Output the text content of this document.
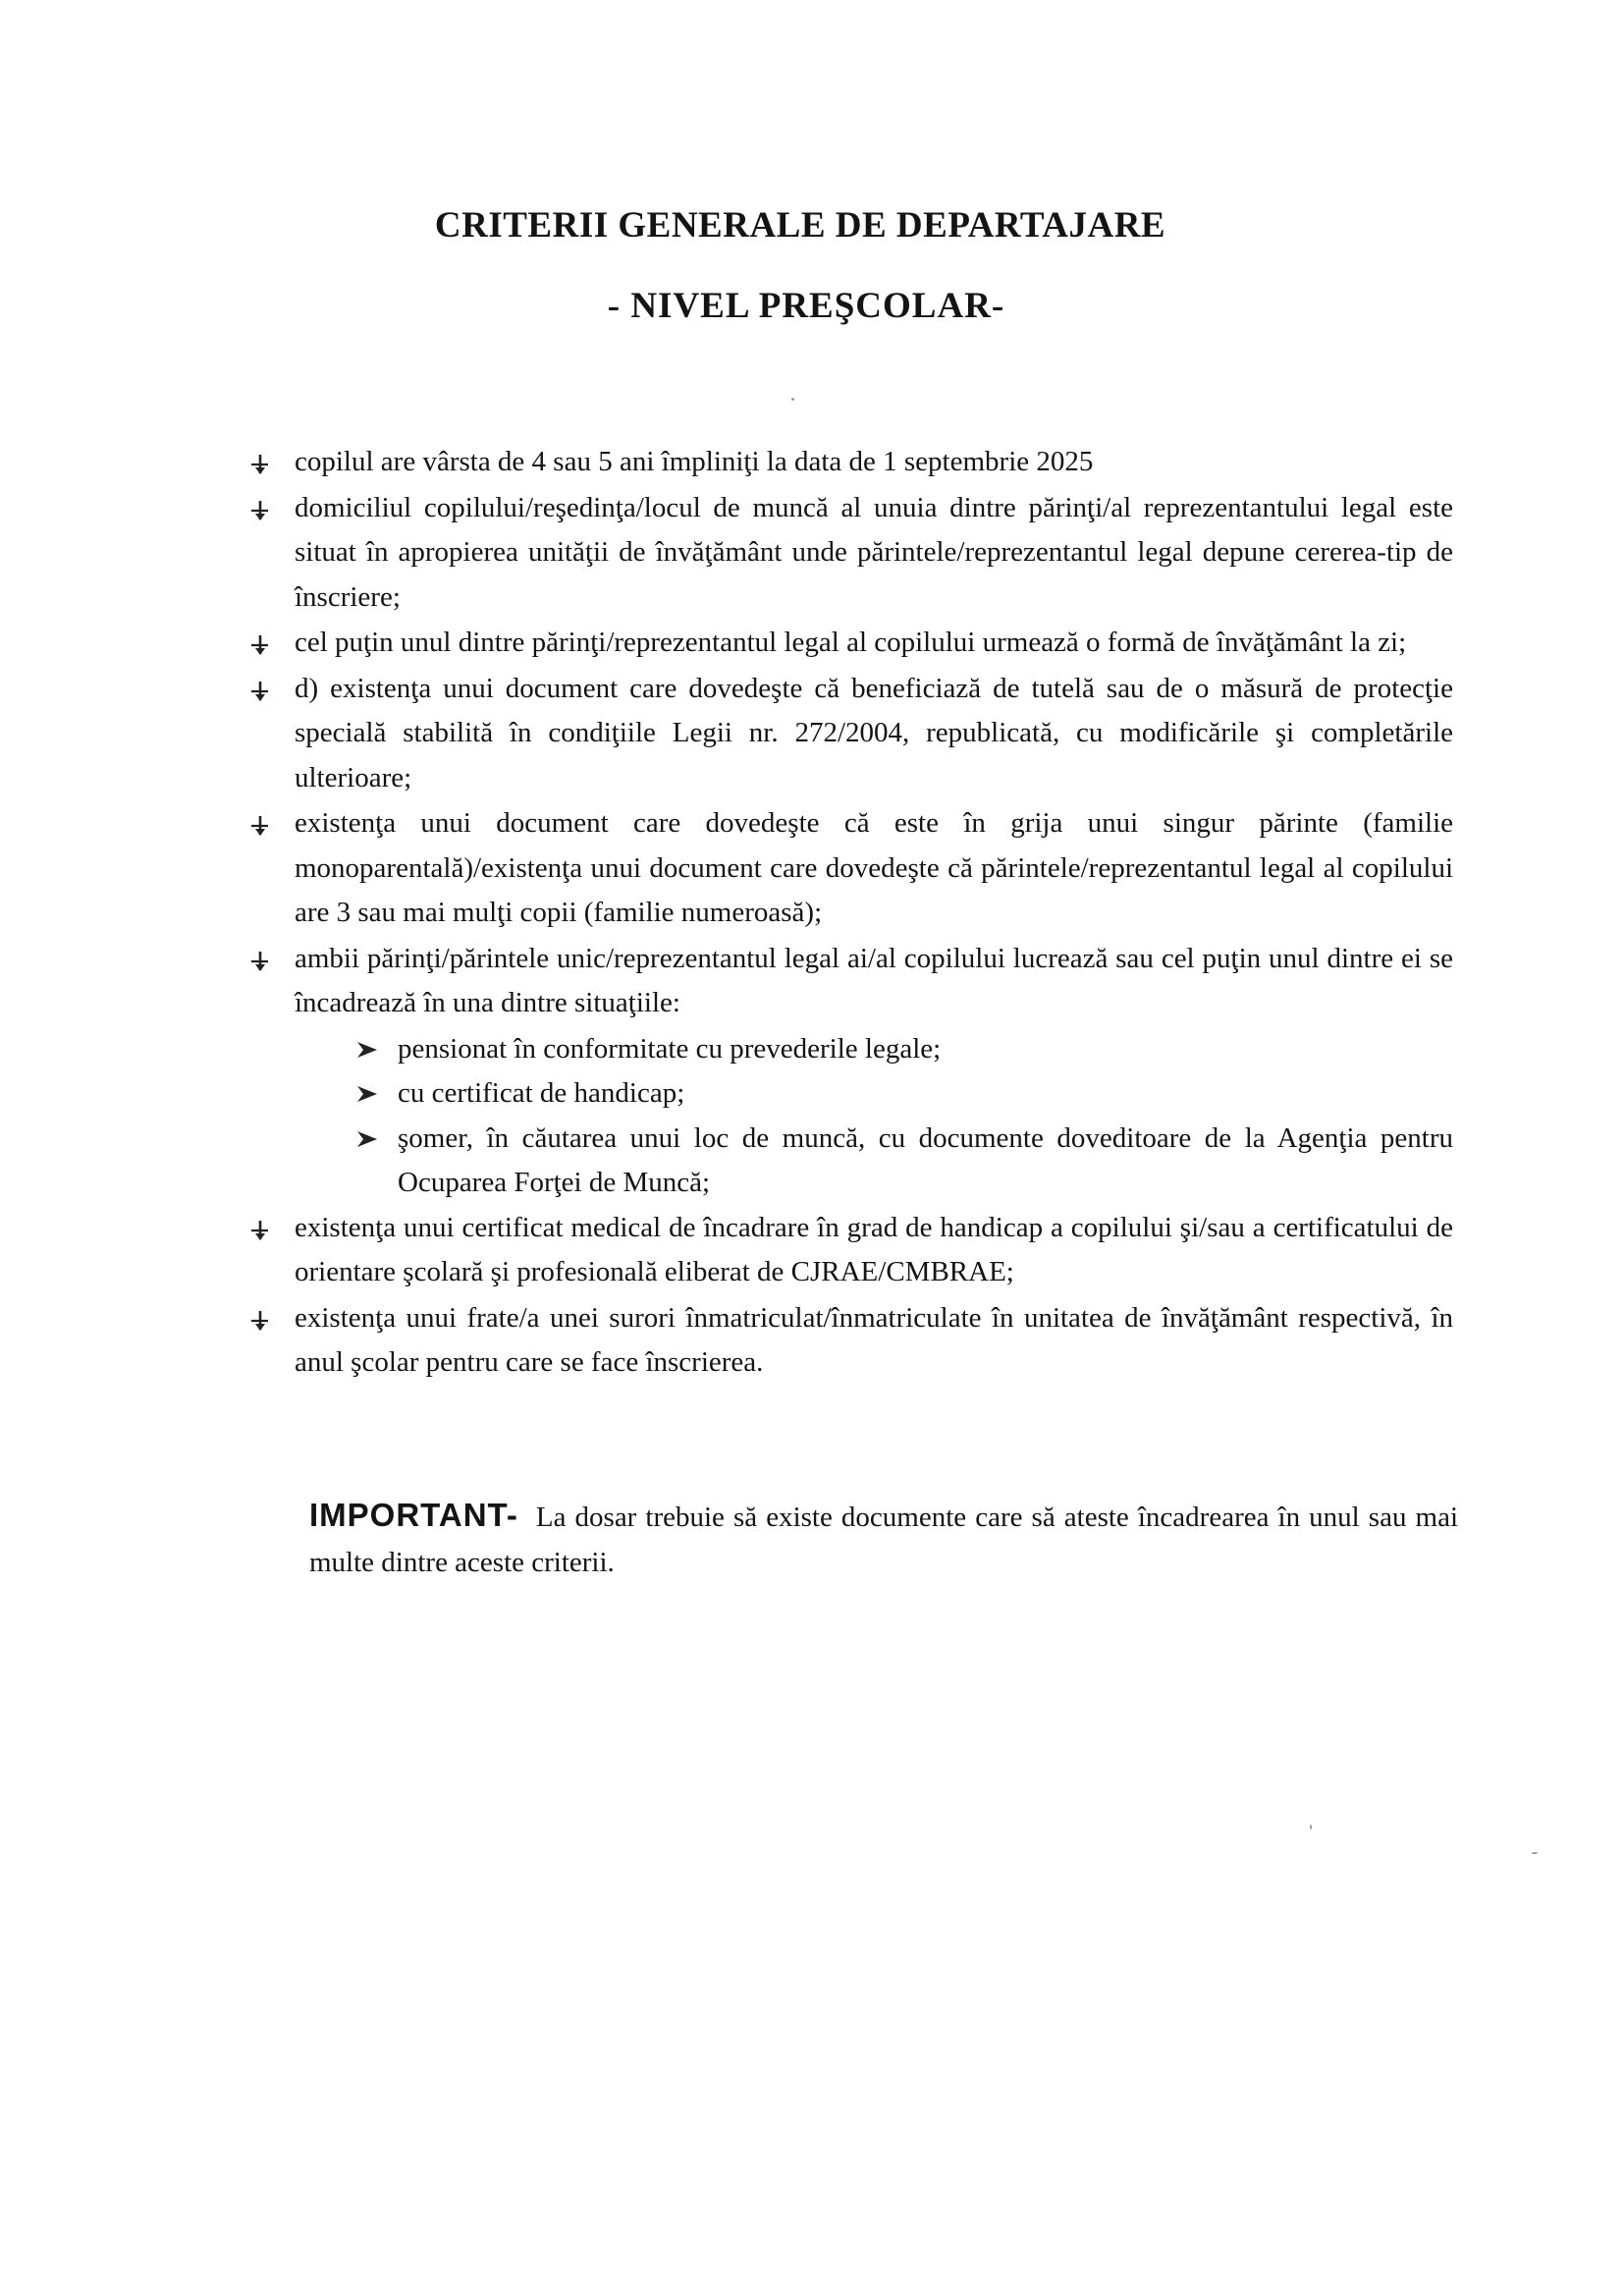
CRITERII GENERALE DE DEPARTAJARE
- NIVEL PREŞCOLAR-
copilul are vârsta de 4 sau 5 ani împliniţi la data de 1 septembrie 2025
domiciliul copilului/reşedinţa/locul de muncă al unuia dintre părinţi/al reprezentantului legal este situat în apropierea unităţii de învăţământ unde părintele/reprezentantul legal depune cererea-tip de înscriere;
cel puţin unul dintre părinţi/reprezentantul legal al copilului urmează o formă de învăţământ la zi;
d) existenţa unui document care dovedeşte că beneficiază de tutelă sau de o măsură de protecţie specială stabilită în condiţiile Legii nr. 272/2004, republicată, cu modificările şi completările ulterioare;
existenţa unui document care dovedeşte că este în grija unui singur părinte (familie monoparentală)/existenţa unui document care dovedeşte că părintele/reprezentantul legal al copilului are 3 sau mai mulţi copii (familie numeroasă);
ambii părinţi/părintele unic/reprezentantul legal ai/al copilului lucrează sau cel puţin unul dintre ei se încadrează în una dintre situaţiile:
pensionat în conformitate cu prevederile legale;
cu certificat de handicap;
şomer, în căutarea unui loc de muncă, cu documente doveditoare de la Agenţia pentru Ocuparea Forţei de Muncă;
existenţa unui certificat medical de încadrare în grad de handicap a copilului şi/sau a certificatului de orientare şcolară şi profesională eliberat de CJRAE/CMBRAE;
existenţa unui frate/a unei surori înmatriculat/înmatriculate în unitatea de învăţământ respectivă, în anul şcolar pentru care se face înscrierea.
IMPORTANT- La dosar trebuie să existe documente care să ateste încadrearea în unul sau mai multe dintre aceste criterii.
